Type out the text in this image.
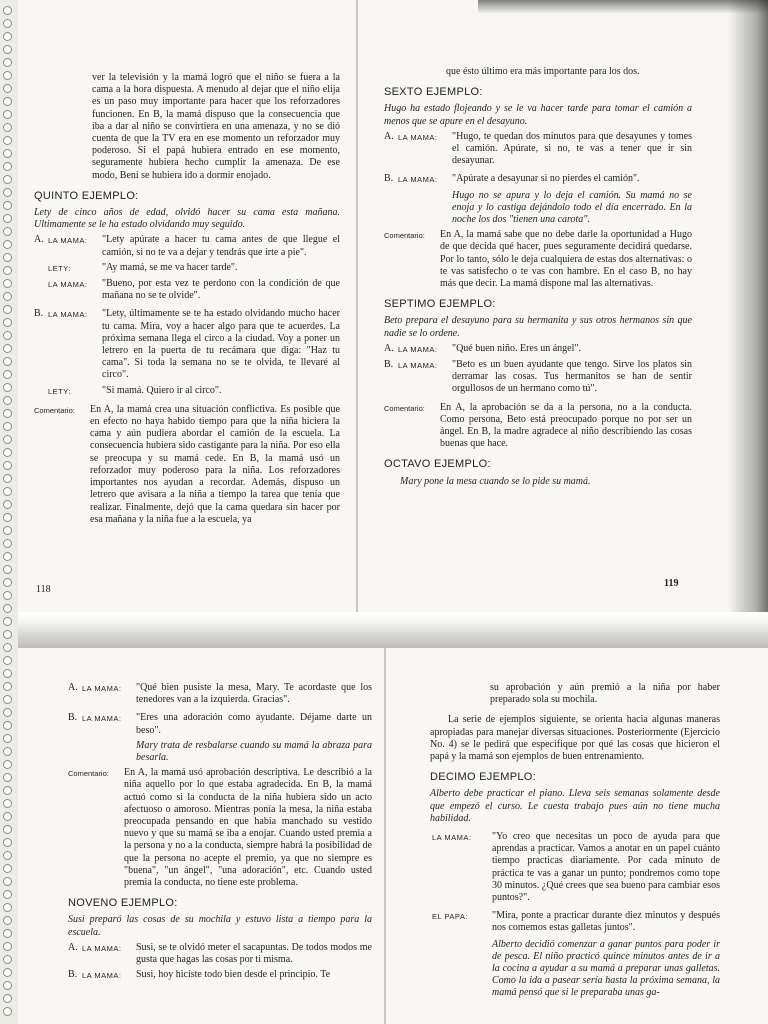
ver la televisión y la mamá logró que el niño se fuera a la cama a la hora dispuesta. A menudo al dejar que el niño elija es un paso muy importante para hacer que los reforzadores funcionen. En B, la mamá dispuso que la consecuencia que iba a dar al niño se convirtiera en una amenaza, y no se dió cuenta de que la TV era en ese momento un reforzador muy poderoso. Si el papá hubiera entrado en ese momento, seguramente hubiera hecho cumplir la amenaza. De ese modo, Beni se hubiera ido a dormir enojado.

QUINTO EJEMPLO:

Lety de cinco años de edad, olvidó hacer su cama esta mañana. Ultimamente se le ha estado olvidando muy seguido.

A. LA MAMA:	"Lety apúrate a hacer tu cama antes de que llegue el camión, si no te va a dejar y tendrás que irte a pie".
LETY:	"Ay mamá, se me va hacer tarde".
LA MAMA:	"Bueno, por esta vez te perdono con la condición de que mañana no se te olvide".
B. LA MAMA:	"Lety, últimamente se te ha estado olvidando mucho hacer tu cama. Mira, voy a hacer algo para que te acuerdes. La próxima semana llega el circo a la ciudad. Voy a poner un letrero en la puerta de tu recámara que diga: "Haz tu cama". Si toda la semana no se te olvida, te llevaré al circo".
LETY:	"Si mamá. Quiero ir al circo".
Comentario:	En A, la mamá crea una situación conflictiva. Es posible que en efecto no haya habido tiempo para que la niña hiciera la cama y aún pudiera abordar el camión de la escuela. La consecuencia hubiera sido castigante para la niña. Por eso ella se preocupa y su mamá cede. En B, la mamá usó un reforzador muy poderoso para la niña. Los reforzadores importantes nos ayudan a recordar. Además, dispuso un letrero que avisara a la niña a tiempo la tarea que tenía que realizar. Finalmente, dejó que la cama quedara sin hacer por esa mañana y la niña fue a la escuela, ya
118

que ésto último era más importante para los dos.

SEXTO EJEMPLO:

Hugo ha estado flojeando y se le va hacer tarde para tomar el camión a menos que se apure en el desayuno.

A. LA MAMA:	"Hugo, te quedan dos minutos para que desayunes y tomes el camión. Apúrate, si no, te vas a tener que ir sin desayunar.
B. LA MAMA:	"Apúrate a desayunar si no pierdes el camión".

Hugo no se apura y lo deja el camión. Su mamá no se enoja y lo castiga dejándolo todo el día encerrado. En la noche los dos "tienen una carota".

Comentario:	En A, la mamá sabe que no debe darle la oportunidad a Hugo de que decida qué hacer, pues seguramente decidirá quedarse. Por lo tanto, sólo le deja cualquiera de estas dos alternativas: o te vas satisfecho o te vas con hambre. En el caso B, no hay más que decir. La mamá dispone mal las alternativas.
SEPTIMO EJEMPLO:

Beto prepara el desayuno para su hermanita y sus otros hermanos sin que nadie se lo ordene.

A. LA MAMA:	"Qué buen niño. Eres un ángel".
B. LA MAMA:	"Beto es un buen ayudante que tengo. Sirve los platos sin derramar las cosas. Tus hermanitos se han de sentir orgullosos de un hermano como tú".
Comentario:	En A, la aprobación se da a la persona, no a la conducta. Como persona, Beto está preocupado porque no por ser un ángel. En B, la madre agradece al niño describiendo las cosas buenas que hace.
OCTAVO EJEMPLO:

Mary pone la mesa cuando se lo pide su mamá.

119
A. LA MAMA:	"Qué bien pusiste la mesa, Mary. Te acordaste que los tenedores van a la izquierda. Gracias".
B. LA MAMA:	"Eres una adoración como ayudante. Déjame darte un beso".

Mary trata de resbalarse cuando su mamá la abraza para besarla.

Comentario:	En A, la mamá usó aprobación descriptiva. Le describió a la niña aquello por lo que estaba agradecida. En B, la mamá actuó como si la conducta de la niña hubiera sido un acto afectuoso o amoroso. Mientras ponía la mesa, la niña estaba preocupada pensando en que había manchado su vestido nuevo y que su mamá se iba a enojar. Cuando usted premia a la persona y no a la conducta, siempre habrá la posibilidad de que la persona no acepte el premio, ya que no siempre es "buena", "un ángel", "una adoración", etc. Cuando usted premia la conducta, no tiene este problema.
NOVENO EJEMPLO:

Susi preparó las cosas de su mochila y estuvo lista a tiempo para la escuela.

A. LA MAMA:	Susi, se te olvidó meter el sacapuntas. De todos modos me gusta que hagas las cosas por ti misma.
B. LA MAMA:	Susi, hoy hiciste todo bien desde el principio. Te

su aprobación y aún premió a la niña por haber preparado sola su mochila.

La serie de ejemplos siguiente, se orienta hacia algunas maneras apropiadas para manejar diversas situaciones. Posteriormente (Ejercicio No. 4) se le pedirá que especifique por qué las cosas que hicieron el papá y la mamá son ejemplos de buen entrenamiento.

DECIMO EJEMPLO:

Alberto debe practicar el piano. Lleva seis semanas solamente desde que empezó el curso. Le cuesta trabajo pues aún no tiene mucha habilidad.

LA MAMA:	"Yo creo que necesitas un poco de ayuda para que aprendas a practicar. Vamos a anotar en un papel cuánto tiempo practicas diariamente. Por cada minuto de práctica te vas a ganar un punto; pondremos como tope 30 minutos. ¿Qué crees que sea bueno para cambiar esos puntos?".
EL PAPA:	"Mira, ponte a practicar durante diez minutos y después nos comemos estas galletas juntos".

Alberto decidió comenzar a ganar puntos para poder ir de pesca. El niño practicó quince minutos antes de ir a la cocina a ayudar a su mamá a preparar unas galletas. Como la ida a pasear sería hasta la próxima semana, la mamá pensó que si le preparaba unas ga-
